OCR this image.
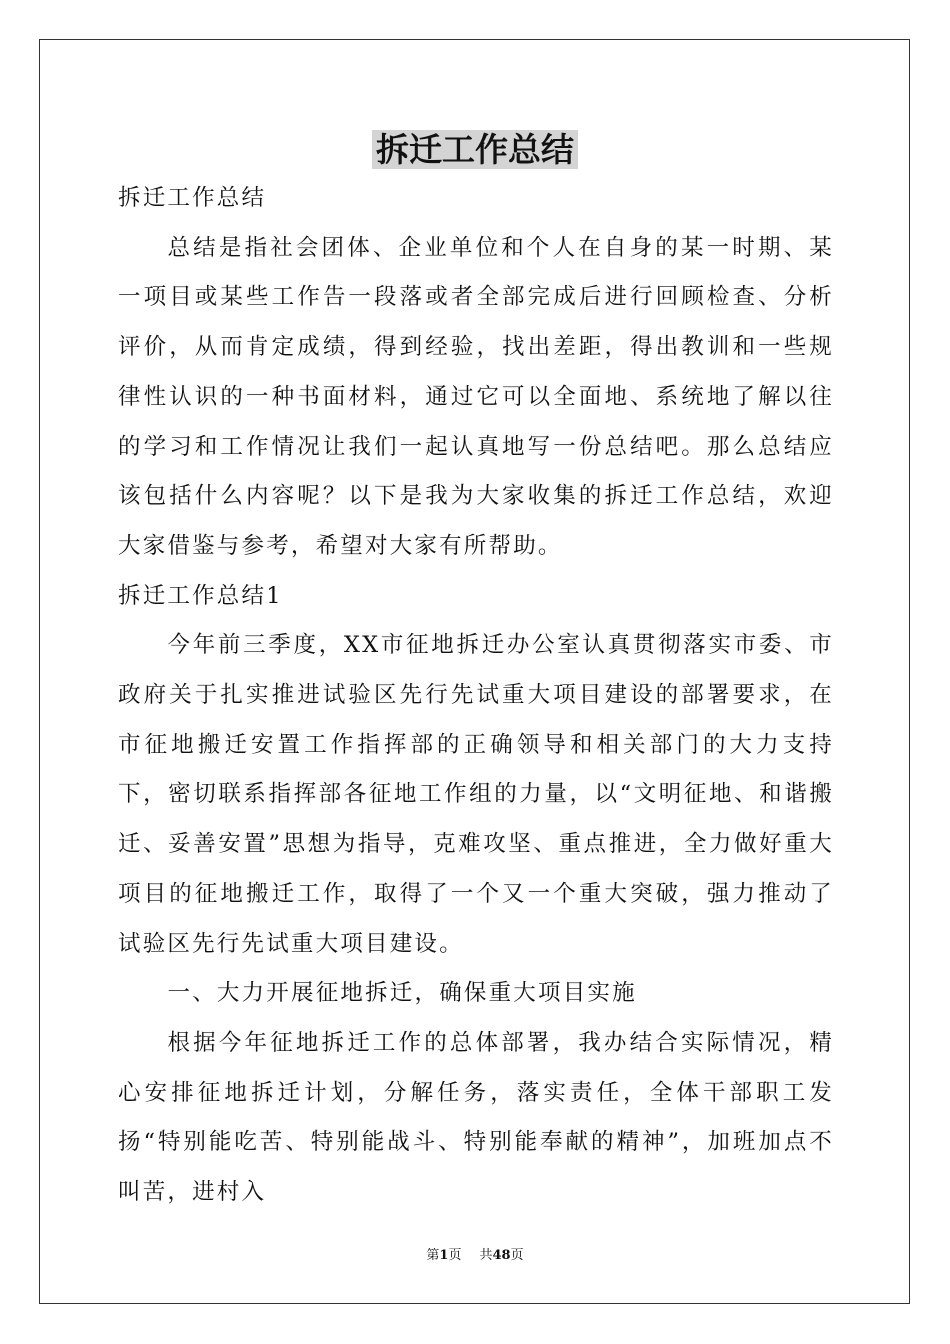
拆迁工作总结

拆迁工作总结

总结是指社会团体、企业单位和个人在自身的某一时期、某一项目或某些工作告一段落或者全部完成后进行回顾检查、分析评价，从而肯定成绩，得到经验，找出差距，得出教训和一些规律性认识的一种书面材料，通过它可以全面地、系统地了解以往的学习和工作情况让我们一起认真地写一份总结吧。那么总结应该包括什么内容呢？以下是我为大家收集的拆迁工作总结，欢迎大家借鉴与参考，希望对大家有所帮助。

拆迁工作总结1

今年前三季度，XX市征地拆迁办公室认真贯彻落实市委、市政府关于扎实推进试验区先行先试重大项目建设的部署要求，在市征地搬迁安置工作指挥部的正确领导和相关部门的大力支持下，密切联系指挥部各征地工作组的力量，以“文明征地、和谐搬迁、妥善安置”思想为指导，克难攻坚、重点推进，全力做好重大项目的征地搬迁工作，取得了一个又一个重大突破，强力推动了试验区先行先试重大项目建设。

一、大力开展征地拆迁，确保重大项目实施

根据今年征地拆迁工作的总体部署，我办结合实际情况，精心安排征地拆迁计划，分解任务，落实责任，全体干部职工发扬“特别能吃苦、特别能战斗、特别能奉献的精神”，加班加点不叫苦，进村入

第1页 共48页
